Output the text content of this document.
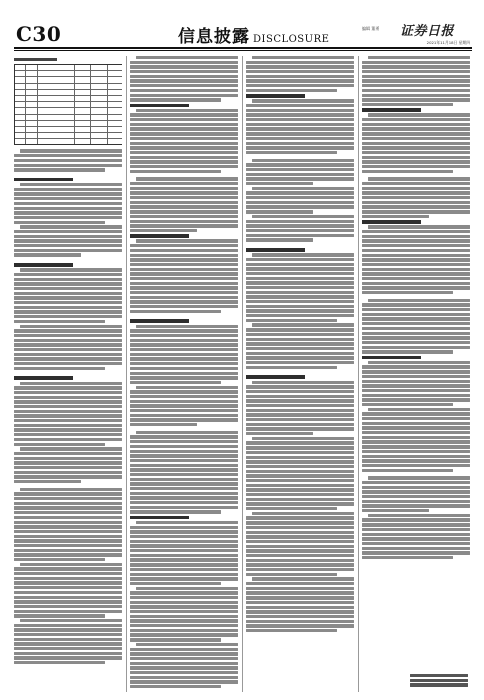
C30	信息披露 DISCLOSURE
编辑 董勇 证券日报
2021年11月18日 星期四
